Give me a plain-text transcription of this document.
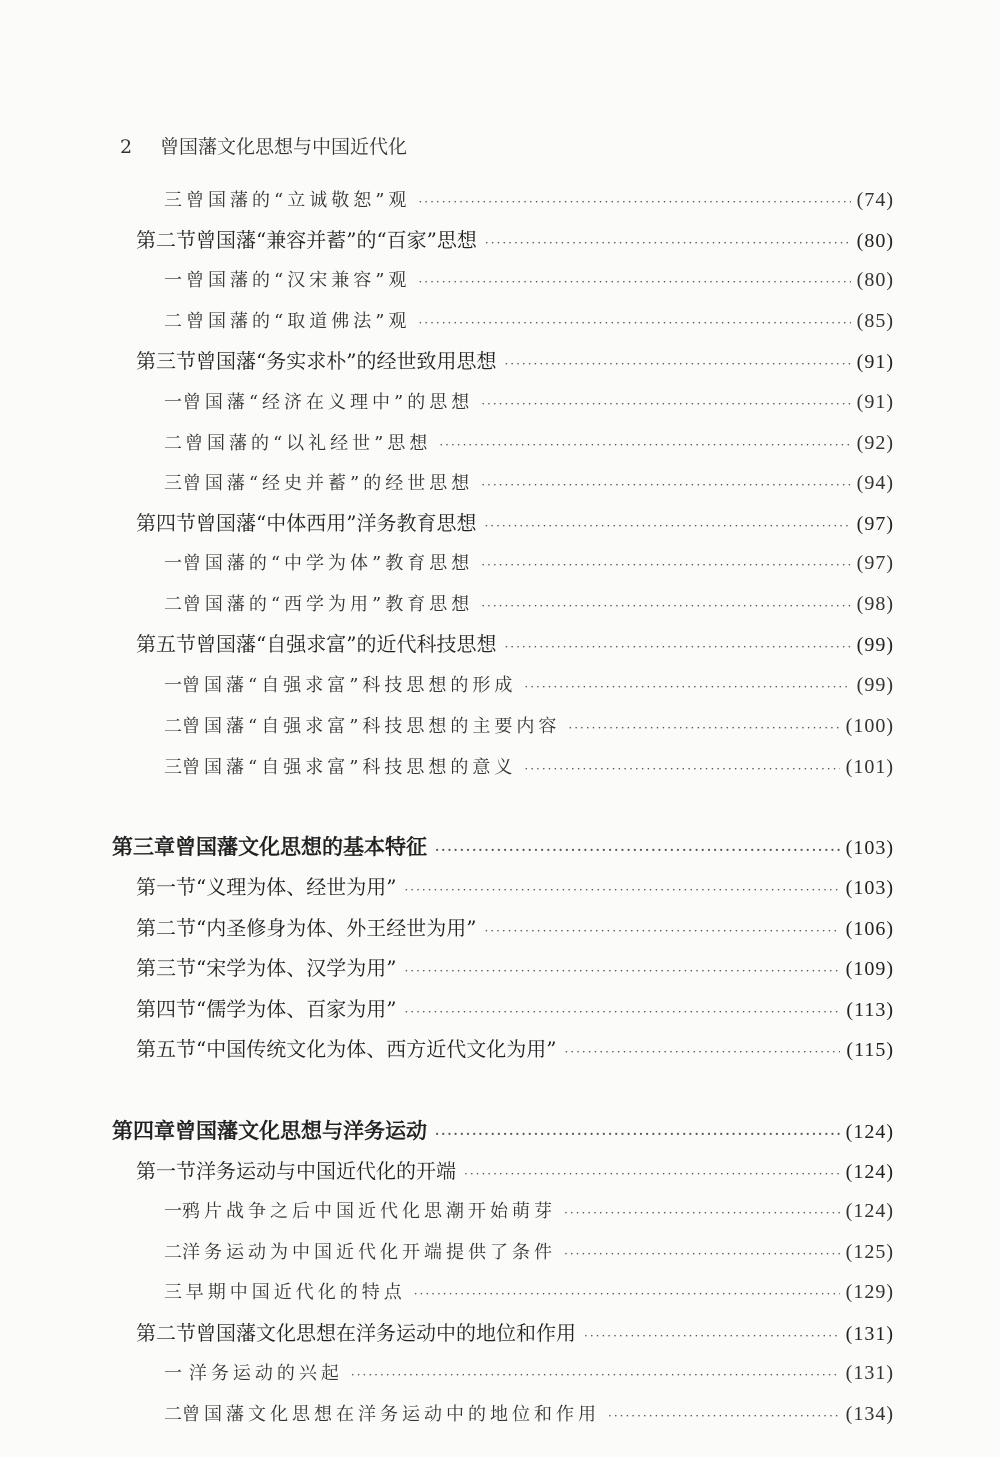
2 曾国藩文化思想与中国近代化
三 曾国藩的“立诚敬恕”观 ·····	(74)
第二节 曾国藩“兼容并蓄”的“百家”思想 ·····	(80)
一 曾国藩的“汉宋兼容”观 ·····	(80)
二 曾国藩的“取道佛法”观 ·····	(85)
第三节 曾国藩“务实求朴”的经世致用思想 ·····	(91)
一 曾国藩“经济在义理中”的思想 ·····	(91)
二 曾国藩的“以礼经世”思想 ·····	(92)
三 曾国藩“经史并蓄”的经世思想 ·····	(94)
第四节 曾国藩“中体西用”洋务教育思想 ·····	(97)
一 曾国藩的“中学为体”教育思想 ·····	(97)
二 曾国藩的“西学为用”教育思想 ·····	(98)
第五节 曾国藩“自强求富”的近代科技思想 ·····	(99)
一 曾国藩“自强求富”科技思想的形成 ·····	(99)
二 曾国藩“自强求富”科技思想的主要内容 ·····	(100)
三 曾国藩“自强求富”科技思想的意义 ·····	(101)
第三章 曾国藩文化思想的基本特征 ·····	(103)
第一节 “义理为体、经世为用” ·····	(103)
第二节 “内圣修身为体、外王经世为用” ·····	(106)
第三节 “宋学为体、汉学为用” ·····	(109)
第四节 “儒学为体、百家为用” ·····	(113)
第五节 “中国传统文化为体、西方近代文化为用” ·····	(115)
第四章 曾国藩文化思想与洋务运动 ·····	(124)
第一节 洋务运动与中国近代化的开端 ·····	(124)
一 鸦片战争之后中国近代化思潮开始萌芽 ·····	(124)
二 洋务运动为中国近代化开端提供了条件 ·····	(125)
三 早期中国近代化的特点 ·····	(129)
第二节 曾国藩文化思想在洋务运动中的地位和作用 ·····	(131)
一 洋务运动的兴起 ·····	(131)
二 曾国藩文化思想在洋务运动中的地位和作用 ·····	(134)
